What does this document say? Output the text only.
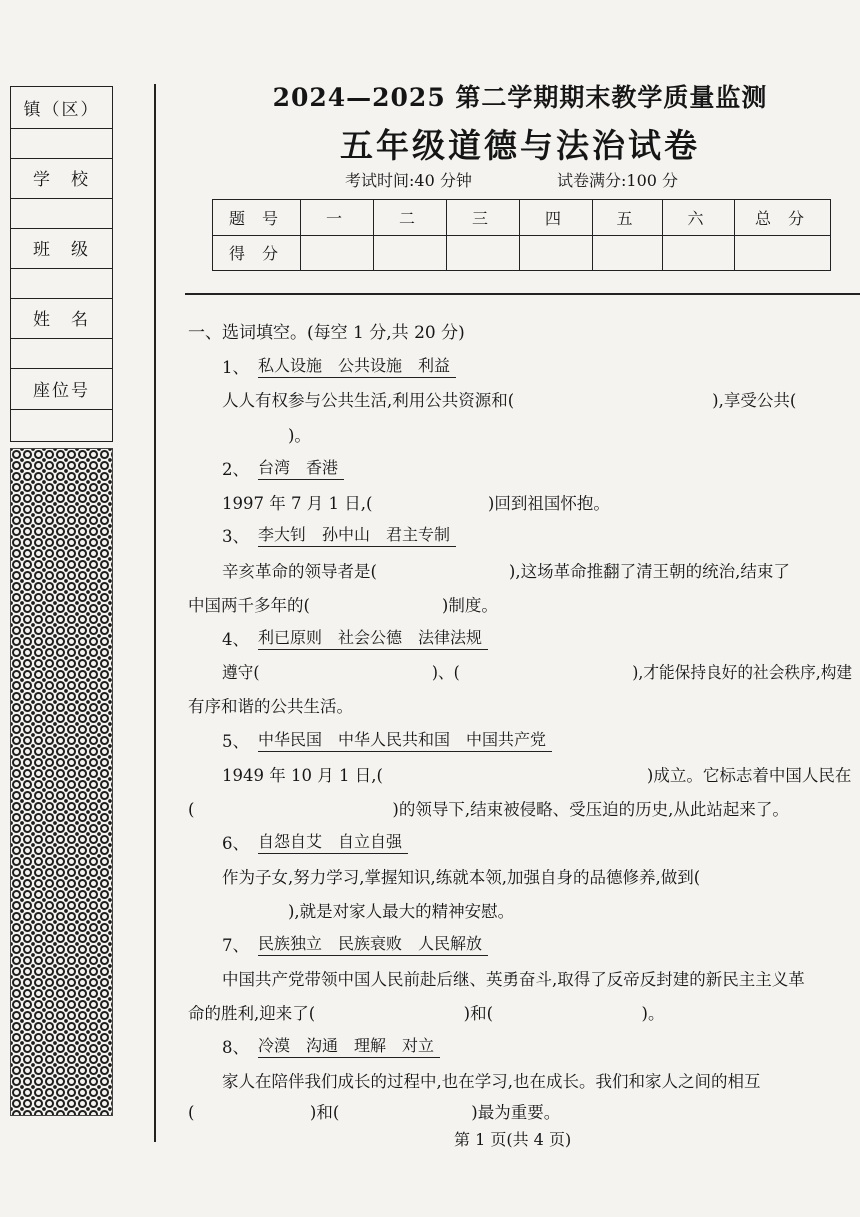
镇（区）
学　校
班　级
姓　名
座位号
2024—2025 第二学期期末教学质量监测
五年级道德与法治试卷
考试时间:40 分钟	试卷满分:100 分
题 号	一	二	三	四	五	六	总 分
得 分							
一、选词填空。(每空 1 分,共 20 分)
1、 私人设施　公共设施　利益
人人有权参与公共生活,利用公共资源和(　　　　　　　　　　　　),享受公共(
　　　　)。
2、 台湾　香港
1997 年 7 月 1 日,(　　　　　　　)回到祖国怀抱。
3、 李大钊　孙中山　君主专制
辛亥革命的领导者是(　　　　　　　　),这场革命推翻了清王朝的统治,结束了
中国两千多年的(　　　　　　　　)制度。
4、 利已原则　社会公德　法律法规
遵守(　　　　　　　　　　　)、(　　　　　　　　　　　),才能保持良好的社会秩序,构建
有序和谐的公共生活。
5、 中华民国　中华人民共和国　中国共产党
1949 年 10 月 1 日,(　　　　　　　　　　　　　　　　)成立。它标志着中国人民在
(　　　　　　　　　　　　)的领导下,结束被侵略、受压迫的历史,从此站起来了。
6、 自怨自艾　自立自强
作为子女,努力学习,掌握知识,练就本领,加强自身的品德修养,做到(
　　　　),就是对家人最大的精神安慰。
7、 民族独立　民族衰败　人民解放
中国共产党带领中国人民前赴后继、英勇奋斗,取得了反帝反封建的新民主主义革
命的胜利,迎来了(　　　　　　　　　)和(　　　　　　　　　)。
8、 冷漠　沟通　理解　对立
家人在陪伴我们成长的过程中,也在学习,也在成长。我们和家人之间的相互
(　　　　　　　)和(　　　　　　　　)最为重要。
第 1 页(共 4 页)
